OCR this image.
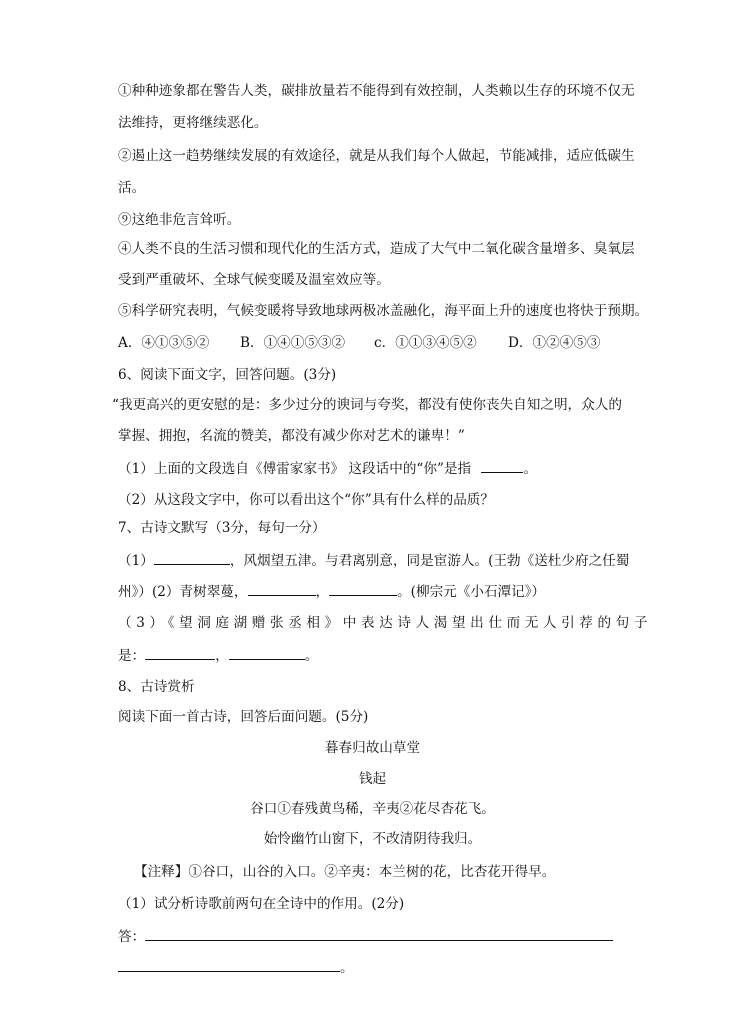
①种种迹象都在警告人类，碳排放量若不能得到有效控制，人类赖以生存的环境不仅无
法维持，更将继续恶化。
②遏止这一趋势继续发展的有效途径，就是从我们每个人做起，节能减排，适应低碳生
活。
⑨这绝非危言耸听。
④人类不良的生活习惯和现代化的生活方式，造成了大气中二氧化碳含量增多、臭氧层
受到严重破坏、全球气候变暖及温室效应等。
⑤科学研究表明，气候变暖将导致地球两极冰盖融化，海平面上升的速度也将快于预期。
A．④①③⑤② B．①④①⑤③② c．①①③④⑤② D．①②④⑤③
6、阅读下面文字，回答问题。(3分)
“我更高兴的更安慰的是：多少过分的谀词与夸奖，都没有使你丧失自知之明，众人的
掌握、拥抱，名流的赞美，都没有减少你对艺术的谦卑！”
（1）上面的文段选自《傅雷家家书》 这段话中的“你”是指	。
（2）从这段文字中，你可以看出这个“你”具有什么样的品质？
7、古诗文默写（3分，每句一分）
（1）	，风烟望五津。与君离别意，同是宦游人。(王勃《送杜少府之任蜀
州》）(2）青树翠蔓，	，	。(柳宗元《小石潭记》）
（3）《望洞庭湖赠张丞相》中表达诗人渴望出仕而无人引荐的句子
是：	，	。
8、古诗赏析
阅读下面一首古诗，回答后面问题。(5分)
暮春归故山草堂
钱起
谷口①春残黄鸟稀，辛夷②花尽杏花飞。
始怜幽竹山窗下，不改清阴待我归。
【注释】①谷口，山谷的入口。②辛夷：本兰树的花，比杏花开得早。
（1）试分析诗歌前两句在全诗中的作用。(2分)
答：
。
